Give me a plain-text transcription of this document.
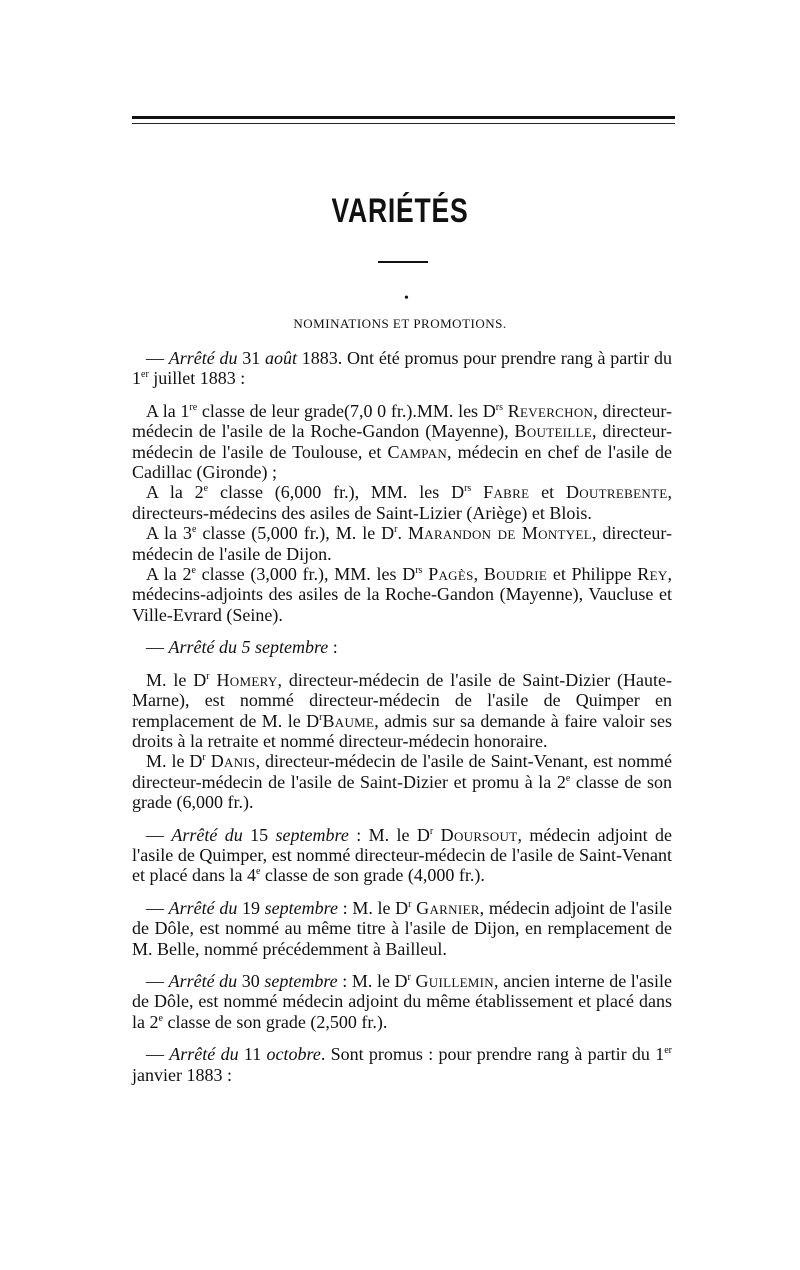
VARIÉTÉS
•
NOMINATIONS ET PROMOTIONS.

— Arrêté du 31 août 1883. Ont été promus pour prendre rang à partir du 1er juillet 1883 :

A la 1re classe de leur grade(7,0 0 fr.).MM. les $D^{rs}$ Reverchon, directeur-médecin de l'asile de la Roche-Gandon (Mayenne), Bouteille, directeur-médecin de l'asile de Toulouse, et Campan, médecin en chef de l'asile de Cadillac (Gironde) ;

A la 2e classe (6,000 fr.), MM. les $D^{rs}$ Fabre et Doutrebente, directeurs-médecins des asiles de Saint-Lizier (Ariège) et Blois.

A la 3e classe (5,000 fr.), M. le $D^r$. Marandon de Montyel, directeur-médecin de l'asile de Dijon.

A la 2e classe (3,000 fr.), MM. les $D^{rs}$ Pagès, Boudrie et Philippe Rey, médecins-adjoints des asiles de la Roche-Gandon (Mayenne), Vaucluse et Ville-Evrard (Seine).

— Arrêté du 5 septembre :

M. le $D^r$ Homery, directeur-médecin de l'asile de Saint-Dizier (Haute-Marne), est nommé directeur-médecin de l'asile de Quimper en remplacement de M. le $D^rBaume$, admis sur sa demande à faire valoir ses droits à la retraite et nommé directeur-médecin honoraire.

M. le $D^r$ Danis, directeur-médecin de l'asile de Saint-Venant, est nommé directeur-médecin de l'asile de Saint-Dizier et promu à la 2e classe de son grade (6,000 fr.).

— Arrêté du 15 septembre : M. le $D^r$ Doursout, médecin adjoint de l'asile de Quimper, est nommé directeur-médecin de l'asile de Saint-Venant et placé dans la 4e classe de son grade (4,000 fr.).

— Arrêté du 19 septembre : M. le $D^r$ Garnier, médecin adjoint de l'asile de Dôle, est nommé au même titre à l'asile de Dijon, en remplacement de M. Belle, nommé précédemment à Bailleul.

— Arrêté du 30 septembre : M. le $D^r$ Guillemin, ancien interne de l'asile de Dôle, est nommé médecin adjoint du même établissement et placé dans la 2e classe de son grade (2,500 fr.).

— Arrêté du 11 octobre. Sont promus : pour prendre rang à partir du 1er janvier 1883 :
